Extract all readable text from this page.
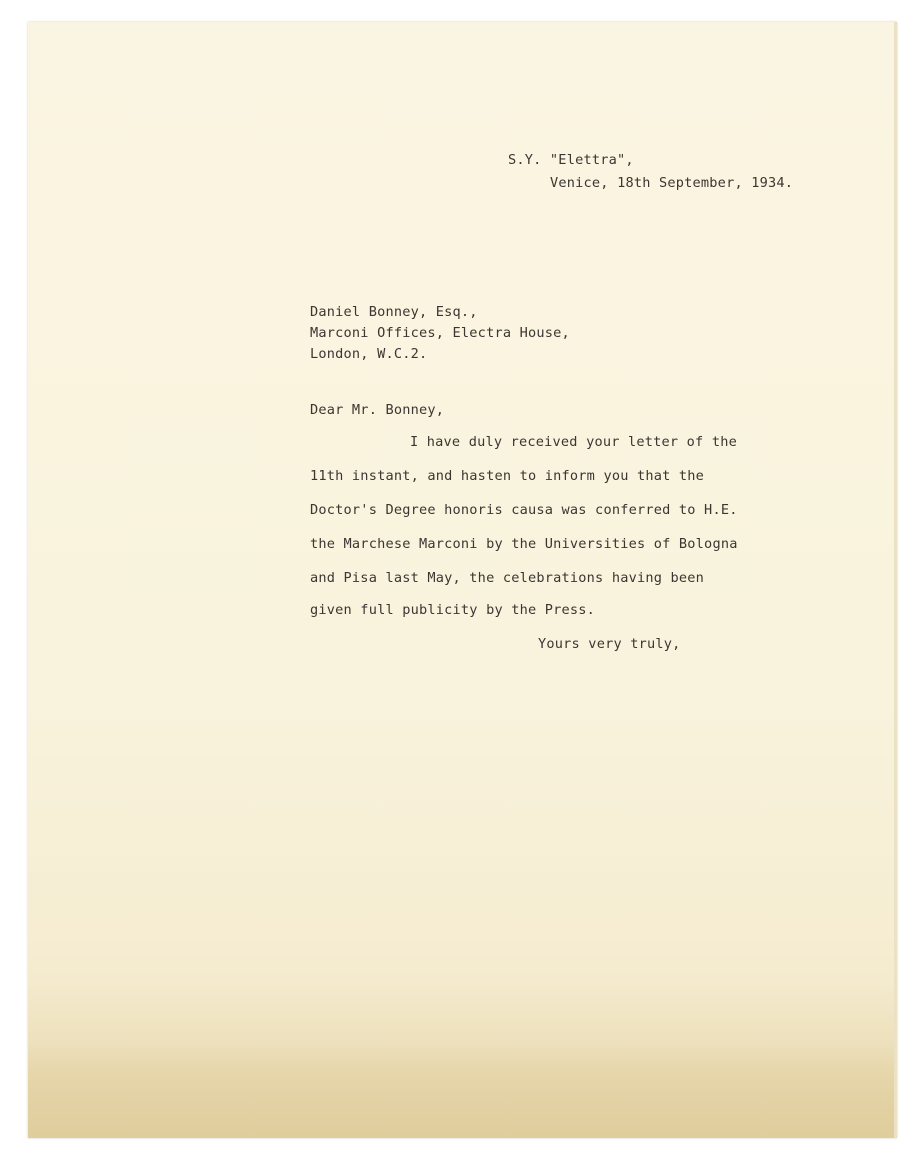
S.Y. "Elettra",

Venice, 18th September, 1934.

Daniel Bonney, Esq.,

Marconi Offices, Electra House,

London, W.C.2.

Dear Mr. Bonney,

I have duly received your letter of the

11th instant, and hasten to inform you that the

Doctor's Degree honoris causa was conferred to H.E.

the Marchese Marconi by the Universities of Bologna

and Pisa last May, the celebrations having been

given full publicity by the Press.

Yours very truly,
